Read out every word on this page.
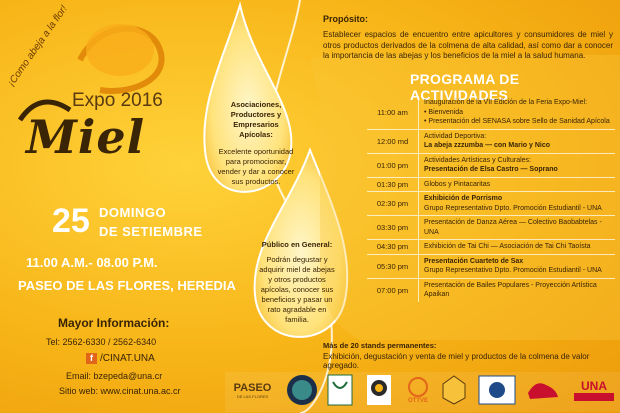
¡Como abeja a la flor!
Expo 2016
Miel
25 DOMINGO
DE SETIEMBRE
11.00 A.M.- 08.00 P.M.
PASEO DE LAS FLORES, HEREDIA
Mayor Información:
Tel: 2562-6330 / 2562-6340
f /CINAT.UNA
Email: bzepeda@una.cr
Sitio web: www.cinat.una.ac.cr
Asociaciones, Productores y Empresarios Apícolas:
Excelente oportunidad para promocionar, vender y dar a conocer sus productos.
Público en General:
Podrán degustar y adquirir miel de abejas y otros productos apícolas, conocer sus beneficios y pasar un rato agradable en familia.
Propósito:
Establecer espacios de encuentro entre apicultores y consumidores de miel y otros productos derivados de la colmena de alta calidad, así como dar a conocer la importancia de las abejas y los beneficios de la miel a la salud humana.
PROGRAMA DE ACTIVIDADES
11:00 am
Inauguración de la VII Edición de la Feria Expo-Miel:
• Bienvenida
• Presentación del SENASA sobre Sello de Sanidad Apícola
12:00 md
Actividad Deportiva:
La abeja zzzumba — con Mario y Nico
01:00 pm
Actividades Artísticas y Culturales:
Presentación de Elsa Castro — Soprano
01:30 pm	Globos y Pintacaritas
02:30 pm
Exhibición de Porrismo
Grupo Representativo Dpto. Promoción Estudiantil - UNA
03:30 pm
Presentación de Danza Aérea — Colectivo Baobabtelas - UNA
04:30 pm	Exhibición de Tai Chi — Asociación de Tai Chi Taoísta
05:30 pm
Presentación Cuarteto de Sax
Grupo Representativo Dpto. Promoción Estudiantil - UNA
07:00 pm
Presentación de Bailes Populares - Proyección Artística Apaikan
Más de 20 stands permanentes:
Exhibición, degustación y venta de miel y productos de la colmena de valor agregado.
PASEO
DE LAS FLORES
OTTVE
UNA
